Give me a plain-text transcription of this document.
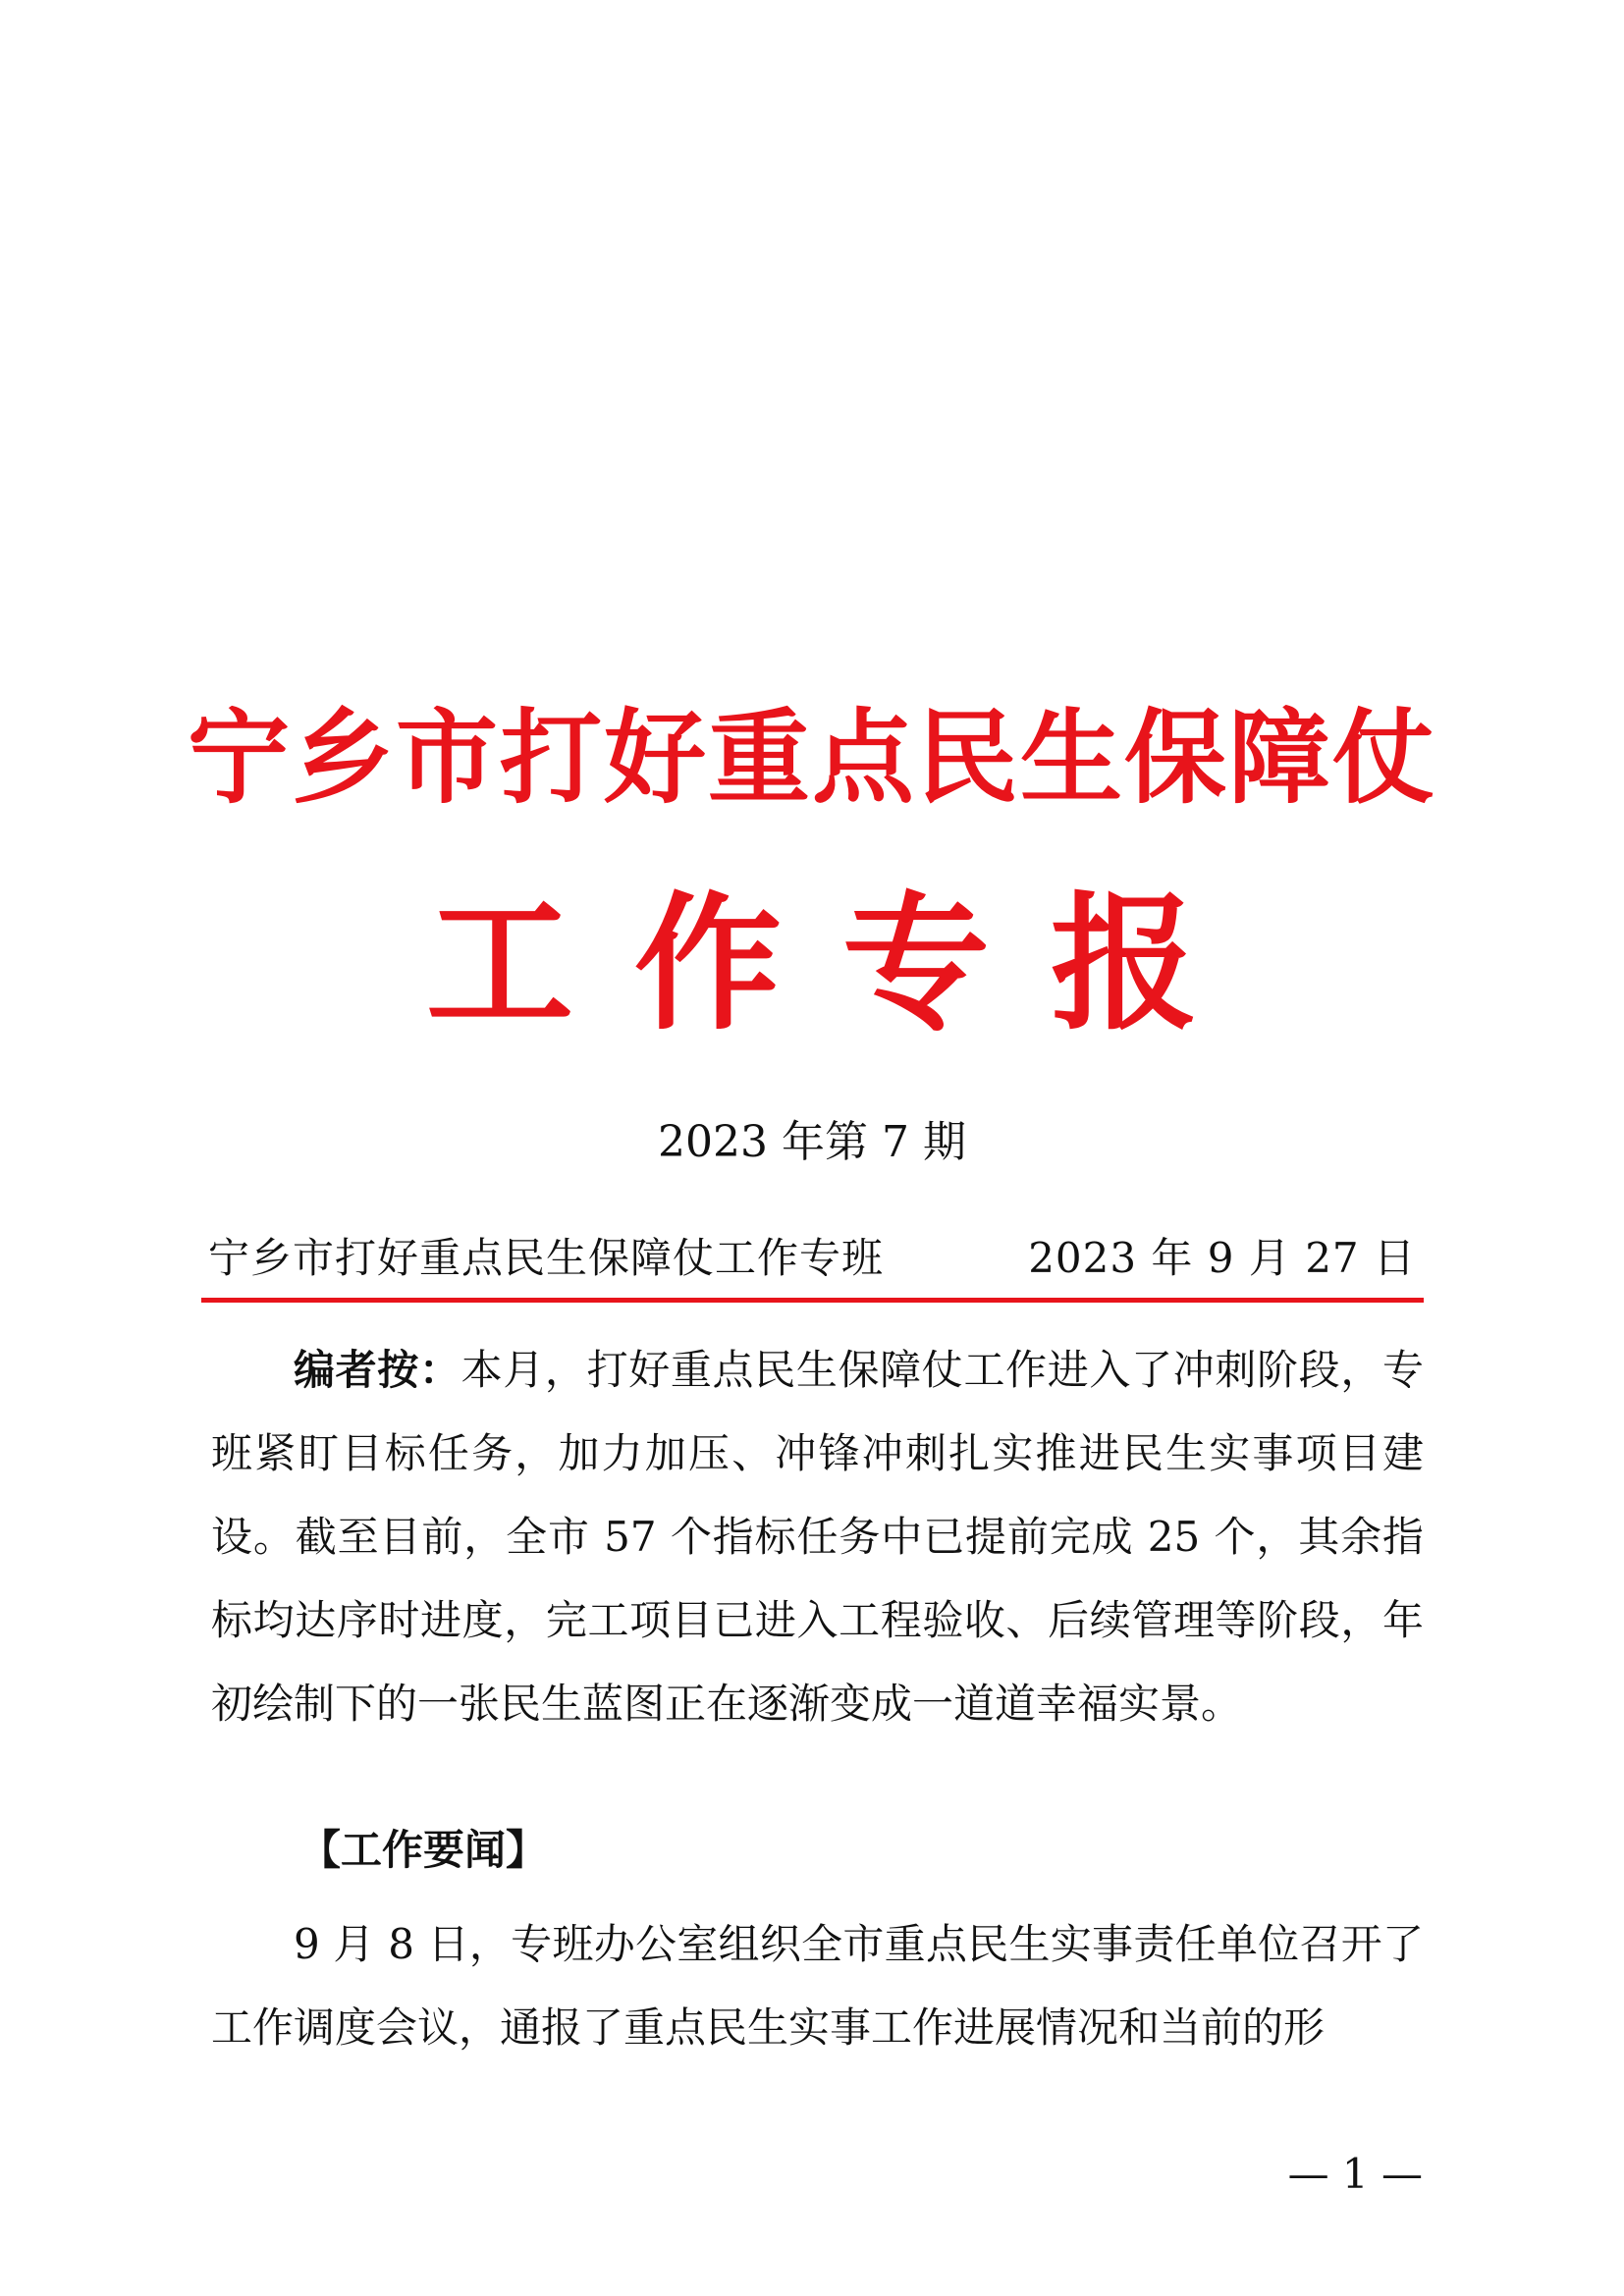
宁乡市打好重点民生保障仗
工作专报
2023 年第 7 期
宁乡市打好重点民生保障仗工作专班	2023 年 9 月 27 日
编者按：本月，打好重点民生保障仗工作进入了冲刺阶段，专班紧盯目标任务，加力加压、冲锋冲刺扎实推进民生实事项目建设。截至目前，全市 57 个指标任务中已提前完成 25 个，其余指标均达序时进度，完工项目已进入工程验收、后续管理等阶段，年初绘制下的一张民生蓝图正在逐渐变成一道道幸福实景。
【工作要闻】
9 月 8 日，专班办公室组织全市重点民生实事责任单位召开了工作调度会议，通报了重点民生实事工作进展情况和当前的形
— 1 —
